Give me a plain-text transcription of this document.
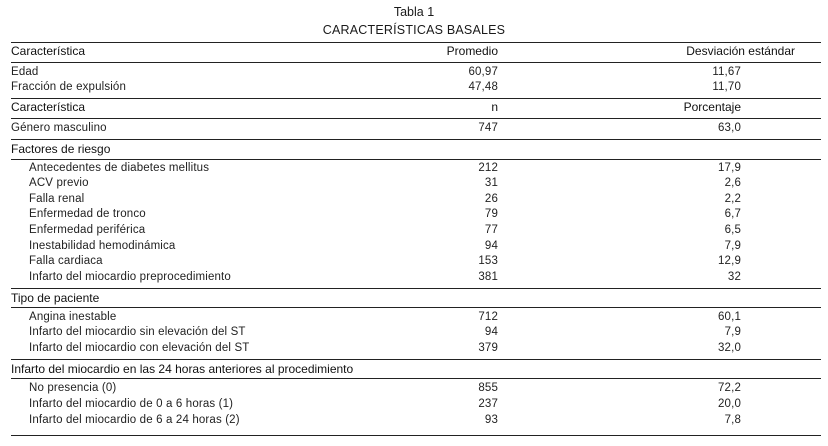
Tabla 1
CARACTERÍSTICAS BASALES
Característica	Promedio	Desviación estándar
Edad	60,97	11,67
Fracción de expulsión	47,48	11,70
Característica	n	Porcentaje
Género masculino	747	63,0
Factores de riesgo
Antecedentes de diabetes mellitus	212	17,9
ACV previo	31	2,6
Falla renal	26	2,2
Enfermedad de tronco	79	6,7
Enfermedad periférica	77	6,5
Inestabilidad hemodinámica	94	7,9
Falla cardiaca	153	12,9
Infarto del miocardio preprocedimiento	381	32
Tipo de paciente
Angina inestable	712	60,1
Infarto del miocardio sin elevación del ST	94	7,9
Infarto del miocardio con elevación del ST	379	32,0
Infarto del miocardio en las 24 horas anteriores al procedimiento
No presencia (0)	855	72,2
Infarto del miocardio de 0 a 6 horas (1)	237	20,0
Infarto del miocardio de 6 a 24 horas (2)	93	7,8
